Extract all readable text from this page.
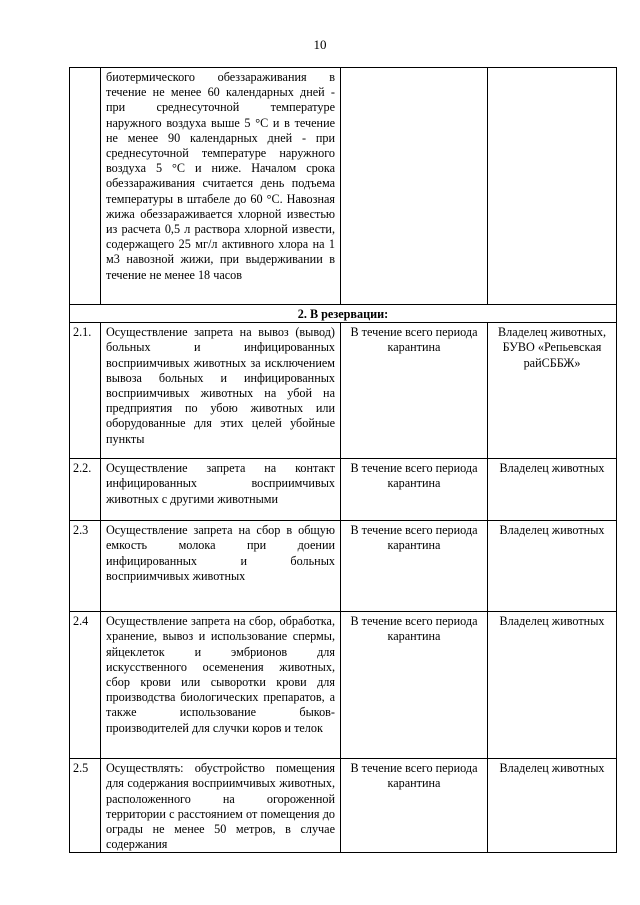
10
	биотермического обеззараживания в течение не менее 60 календарных дней - при среднесуточной температуре наружного воздуха выше 5 °С и в течение не менее 90 календарных дней - при среднесуточной температуре наружного воздуха 5 °С и ниже. Началом срока обеззараживания считается день подъема температуры в штабеле до 60 °С. Навозная жижа обеззараживается хлорной известью из расчета 0,5 л раствора хлорной извести, содержащего 25 мг/л активного хлора на 1 м3 навозной жижи, при выдерживании в течение не менее 18 часов		
2. В резервации:			
2.1.	Осуществление запрета на вывоз (вывод) больных и инфицированных восприимчивых животных за исключением вывоза больных и инфицированных восприимчивых животных на убой на предприятия по убою животных или оборудованные для этих целей убойные пункты	В течение всего периода карантина	Владелец животных, БУВО «Репьевская райСББЖ»
2.2.	Осуществление запрета на контакт инфицированных восприимчивых животных с другими животными	В течение всего периода карантина	Владелец животных
2.3	Осуществление запрета на сбор в общую емкость молока при доении инфицированных и больных восприимчивых животных	В течение всего периода карантина	Владелец животных
2.4	Осуществление запрета на сбор, обработка, хранение, вывоз и использование спермы, яйцеклеток и эмбрионов для искусственного осеменения животных, сбор крови или сыворотки крови для производства биологических препаратов, а также использование быков-производителей для случки коров и телок	В течение всего периода карантина	Владелец животных
2.5	Осуществлять: обустройство помещения для содержания восприимчивых животных, расположенного на огороженной территории с расстоянием от помещения до ограды не менее 50 метров, в случае содержания	В течение всего периода карантина	Владелец животных
